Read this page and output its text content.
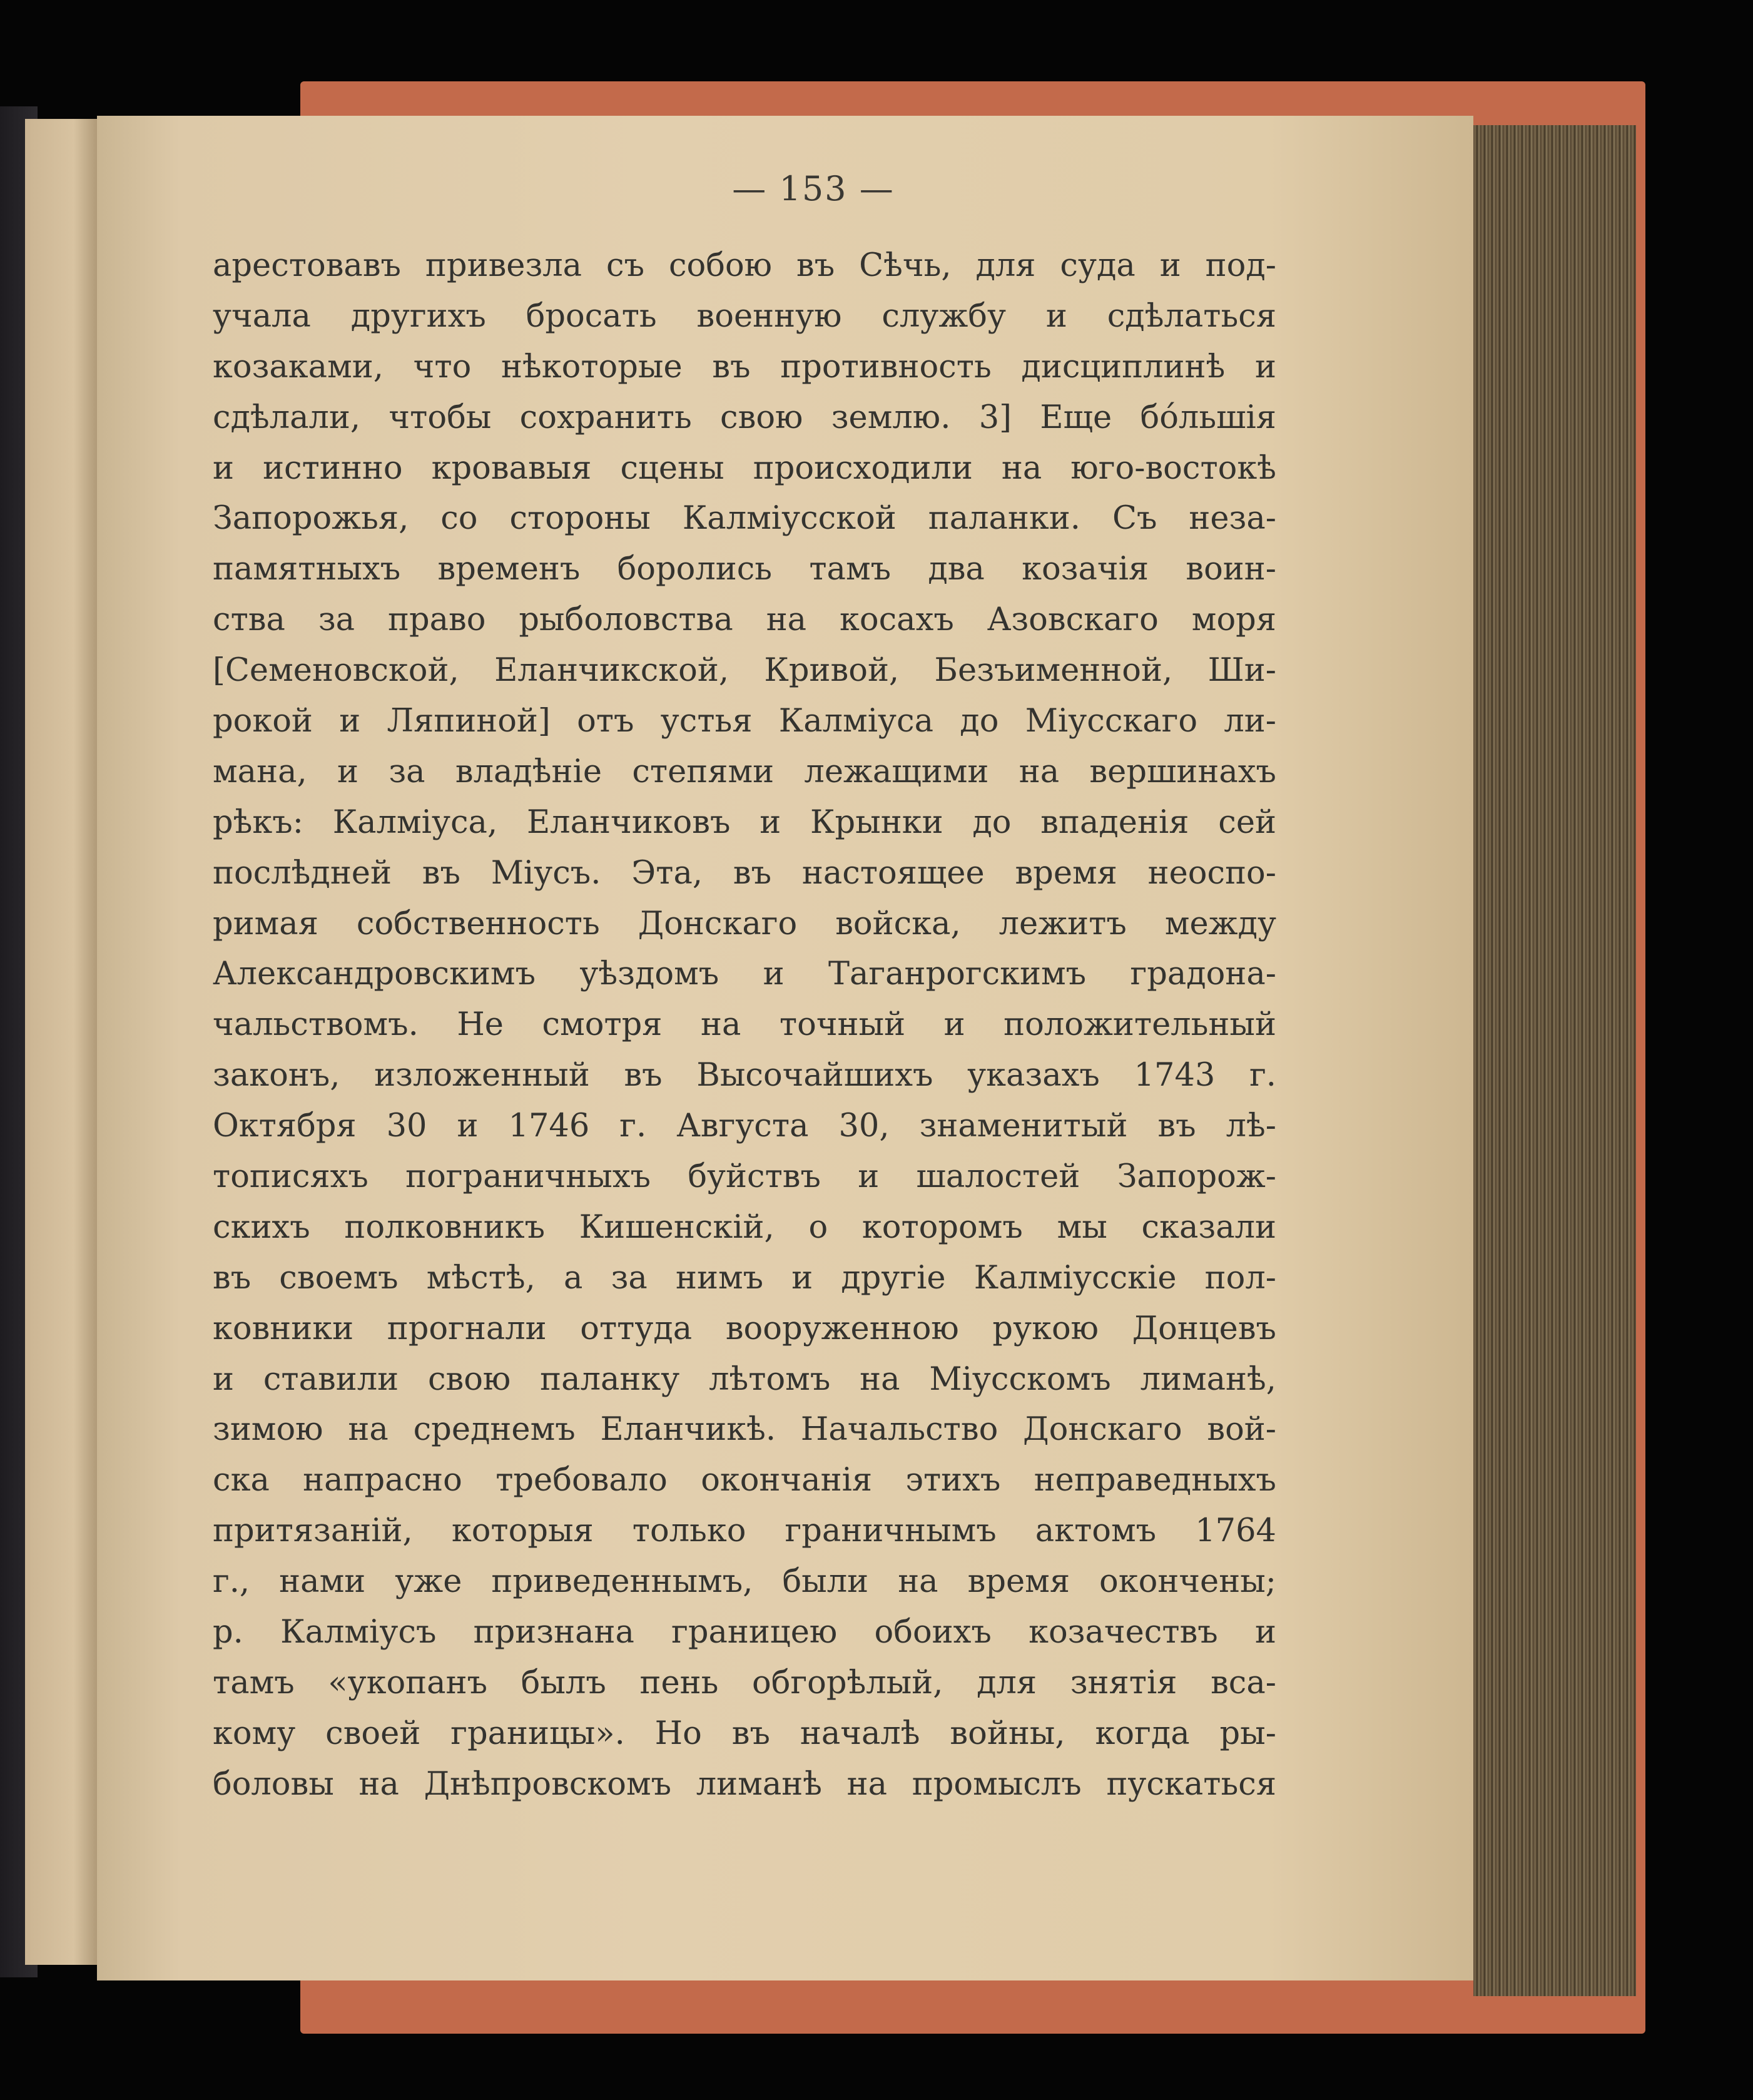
— 153 —
арестовавъ привезла съ собою въ Сѣчь, для суда и под-
учала другихъ бросать военную службу и сдѣлаться
козаками, что нѣкоторые въ противность дисциплинѣ и
сдѣлали, чтобы сохранить свою землю. 3] Еще бóльшія
и истинно кровавыя сцены происходили на юго-востокѣ
Запорожья, со стороны Калміусской паланки. Съ неза-
памятныхъ временъ боролись тамъ два козачія воин-
ства за право рыболовства на косахъ Азовскаго моря
[Семеновской, Еланчикской, Кривой, Безъименной, Ши-
рокой и Ляпиной] отъ устья Калміуса до Міусскаго ли-
мана, и за владѣніе степями лежащими на вершинахъ
рѣкъ: Калміуса, Еланчиковъ и Крынки до впаденія сей
послѣдней въ Міусъ. Эта, въ настоящее время неоспо-
римая собственность Донскаго войска, лежитъ между
Александровскимъ уѣздомъ и Таганрогскимъ градона-
чальствомъ. Не смотря на точный и положительный
законъ, изложенный въ Высочайшихъ указахъ 1743 г.
Октября 30 и 1746 г. Августа 30, знаменитый въ лѣ-
тописяхъ пограничныхъ буйствъ и шалостей Запорож-
скихъ полковникъ Кишенскій, о которомъ мы сказали
въ своемъ мѣстѣ, а за нимъ и другіе Калміусскіе пол-
ковники прогнали оттуда вооруженною рукою Донцевъ
и ставили свою паланку лѣтомъ на Міусскомъ лиманѣ,
зимою на среднемъ Еланчикѣ. Начальство Донскаго вой-
ска напрасно требовало окончанія этихъ неправедныхъ
притязаній, которыя только граничнымъ актомъ 1764
г., нами уже приведеннымъ, были на время окончены;
р. Калміусъ признана границею обоихъ козачествъ и
тамъ «укопанъ былъ пень обгорѣлый, для знятія вса-
кому своей границы». Но въ началѣ войны, когда ры-
боловы на Днѣпровскомъ лиманѣ на промыслъ пускаться
